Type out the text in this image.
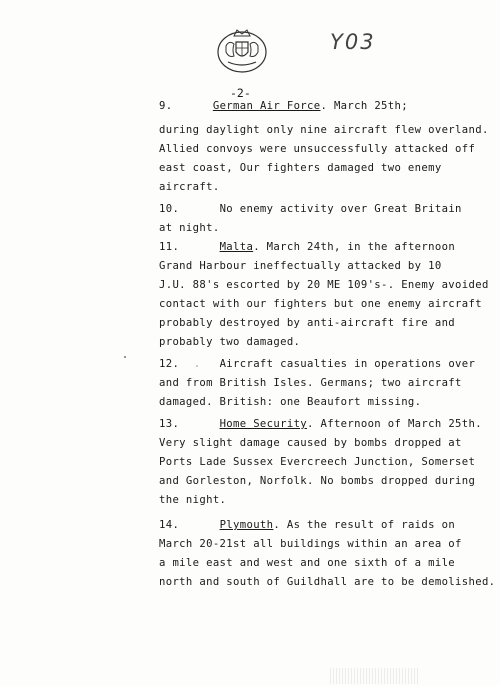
Y03
-2-
9.	German Air Force. March 25th;
during daylight only nine aircraft flew overland.
Allied convoys were unsuccessfully attacked off
east coast, Our fighters damaged two enemy
aircraft.
10.	No enemy activity over Great Britain
at night.
11.	Malta. March 24th, in the afternoon
Grand Harbour ineffectually attacked by 10
J.U. 88's escorted by 20 ME 109's-. Enemy avoided
contact with our fighters but one enemy aircraft
probably destroyed by anti-aircraft fire and
probably two damaged.
12.	Aircraft casualties in operations over
and from British Isles. Germans; two aircraft
damaged. British: one Beaufort missing.
13.	Home Security. Afternoon of March 25th.
Very slight damage caused by bombs dropped at
Ports Lade Sussex Evercreech Junction, Somerset
and Gorleston, Norfolk. No bombs dropped during
the night.
14.	Plymouth. As the result of raids on
March 20-21st all buildings within an area of
a mile east and west and one sixth of a mile
north and south of Guildhall are to be demolished.
